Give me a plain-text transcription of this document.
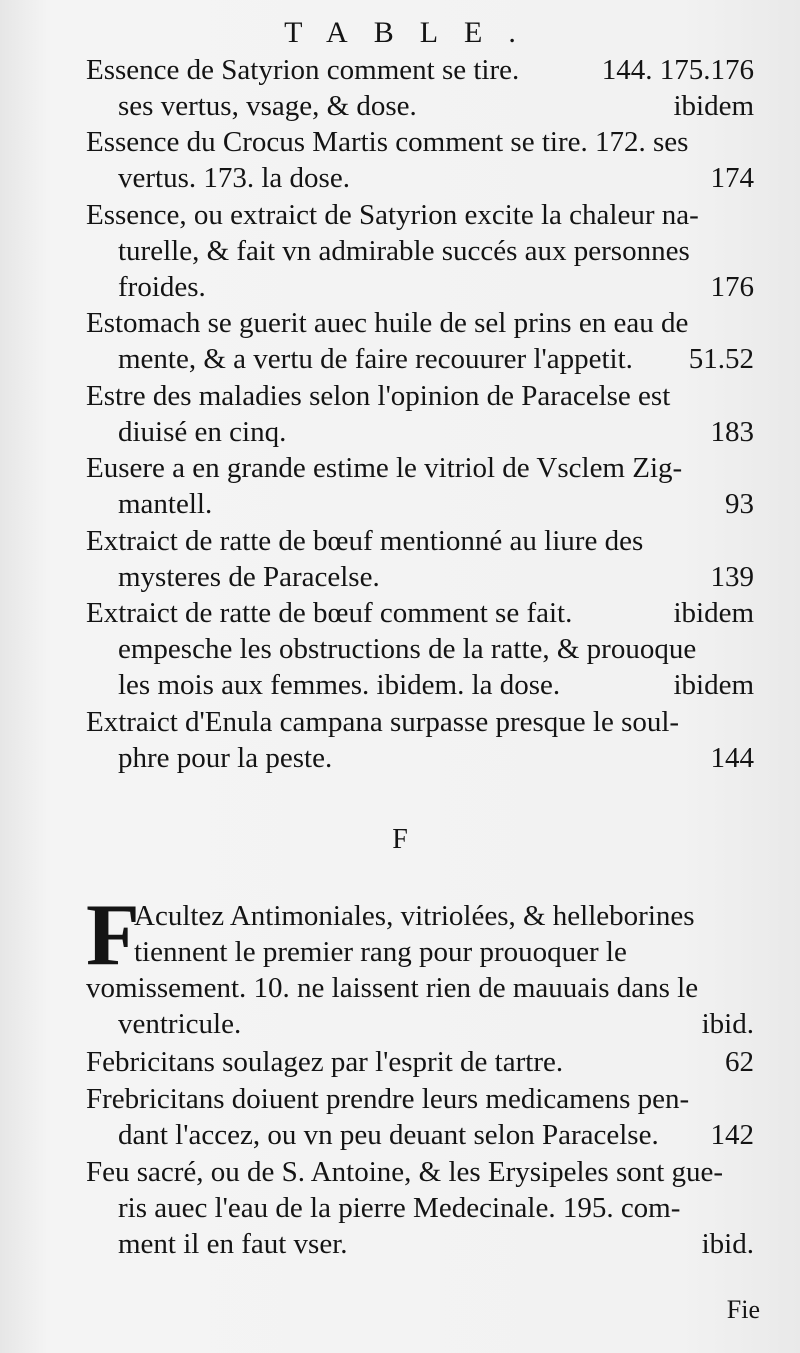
TABLE.
Essence de Satyrion comment se tire.	144. 175.176
ses vertus, vsage, & dose.	ibidem
Essence du Crocus Martis comment se tire. 172. ses
vertus. 173. la dose.	174
Essence, ou extraict de Satyrion excite la chaleur na-
turelle, & fait vn admirable succés aux personnes
froides.	176
Estomach se guerit auec huile de sel prins en eau de
mente, & a vertu de faire recouurer l'appetit. 51.52
Estre des maladies selon l'opinion de Paracelse est
diuisé en cinq.	183
Eusere a en grande estime le vitriol de Vsclem Zig-
mantell.	93
Extraict de ratte de bœuf mentionné au liure des
mysteres de Paracelse.	139
Extraict de ratte de bœuf comment se fait.	ibidem
empesche les obstructions de la ratte, & prouoque
les mois aux femmes. ibidem. la dose.	ibidem
Extraict d'Enula campana surpasse presque le soul-
phre pour la peste.	144
F
F
Acultez Antimoniales, vitriolées, & helleborines
tiennent le premier rang pour prouoquer le
vomissement. 10. ne laissent rien de mauuais dans le
ventricule.	ibid.
Febricitans soulagez par l'esprit de tartre.	62
Frebricitans doiuent prendre leurs medicamens pen-
dant l'accez, ou vn peu deuant selon Paracelse. 142
Feu sacré, ou de S. Antoine, & les Erysipeles sont gue-
ris auec l'eau de la pierre Medecinale. 195. com-
ment il en faut vser.	ibid.
Fie
